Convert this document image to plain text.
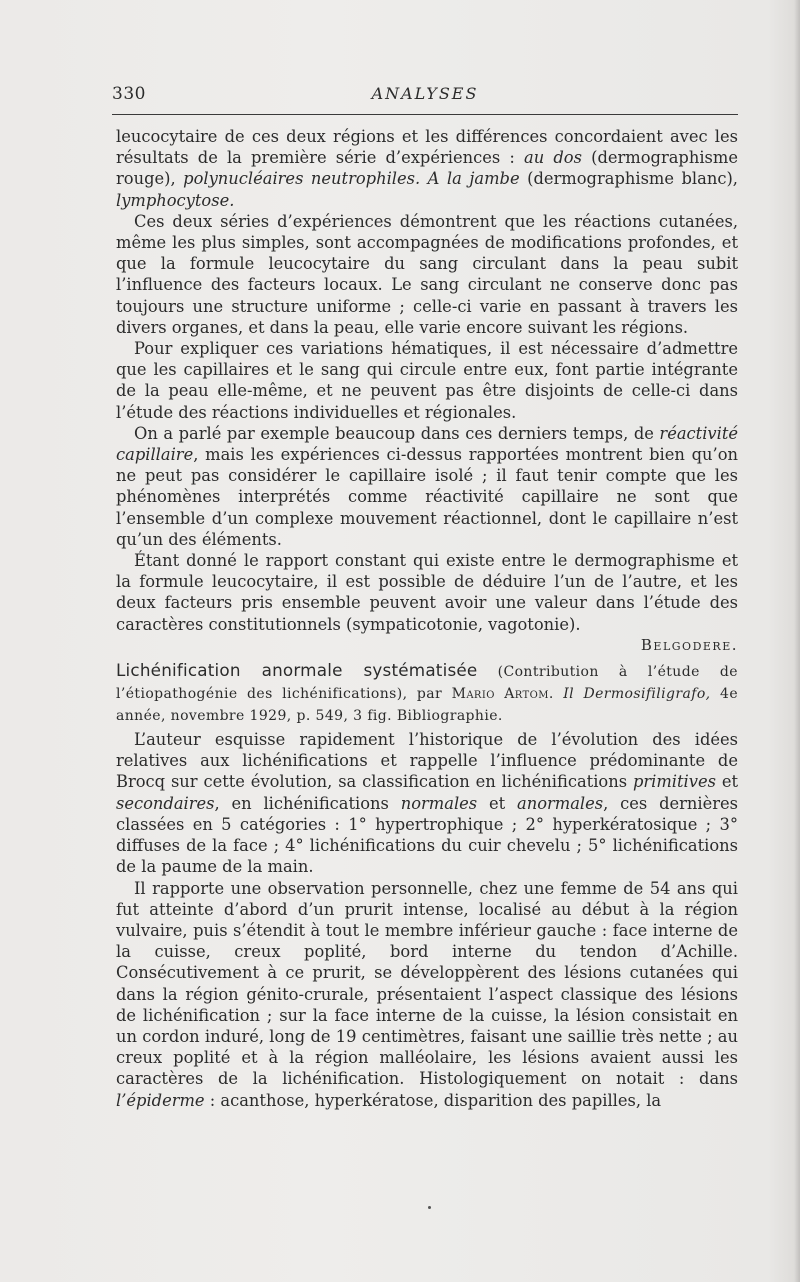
330	ANALYSES

leucocytaire de ces deux régions et les différences concordaient avec les résultats de la première série d’expériences : au dos (dermographisme rouge), polynucléaires neutrophiles. A la jambe (dermographisme blanc), lymphocytose.

Ces deux séries d’expériences démontrent que les réactions cutanées, même les plus simples, sont accompagnées de modifications profondes, et que la formule leucocytaire du sang circulant dans la peau subit l’influence des facteurs locaux. Le sang circulant ne conserve donc pas toujours une structure uniforme ; celle-ci varie en passant à travers les divers organes, et dans la peau, elle varie encore suivant les régions.

Pour expliquer ces variations hématiques, il est nécessaire d’admettre que les capillaires et le sang qui circule entre eux, font partie intégrante de la peau elle-même, et ne peuvent pas être disjoints de celle-ci dans l’étude des réactions individuelles et régionales.

On a parlé par exemple beaucoup dans ces derniers temps, de réactivité capillaire, mais les expériences ci-dessus rapportées montrent bien qu’on ne peut pas considérer le capillaire isolé ; il faut tenir compte que les phénomènes interprétés comme réactivité capillaire ne sont que l’ensemble d’un complexe mouvement réactionnel, dont le capillaire n’est qu’un des éléments.

Étant donné le rapport constant qui existe entre le dermographisme et la formule leucocytaire, il est possible de déduire l’un de l’autre, et les deux facteurs pris ensemble peuvent avoir une valeur dans l’étude des caractères constitutionnels (sympaticotonie, vagotonie).

Belgodere.

Lichénification anormale systématisée (Contribution à l’étude de l’étiopathogénie des lichénifications), par Mario Artom. Il Dermosifiligrafo, 4e année, novembre 1929, p. 549, 3 fig. Bibliographie.

L’auteur esquisse rapidement l’historique de l’évolution des idées relatives aux lichénifications et rappelle l’influence prédominante de Brocq sur cette évolution, sa classification en lichénifications primitives et secondaires, en lichénifications normales et anormales, ces dernières classées en 5 catégories : 1° hypertrophique ; 2° hyperkératosique ; 3° diffuses de la face ; 4° lichénifications du cuir chevelu ; 5° lichénifications de la paume de la main.

Il rapporte une observation personnelle, chez une femme de 54 ans qui fut atteinte d’abord d’un prurit intense, localisé au début à la région vulvaire, puis s’étendit à tout le membre inférieur gauche : face interne de la cuisse, creux poplité, bord interne du tendon d’Achille. Consécutivement à ce prurit, se développèrent des lésions cutanées qui dans la région génito-crurale, présentaient l’aspect classique des lésions de lichénification ; sur la face interne de la cuisse, la lésion consistait en un cordon induré, long de 19 centimètres, faisant une saillie très nette ; au creux poplité et à la région malléolaire, les lésions avaient aussi les caractères de la lichénification. Histologiquement on notait : dans l’épiderme : acanthose, hyperkératose, disparition des papilles, la
